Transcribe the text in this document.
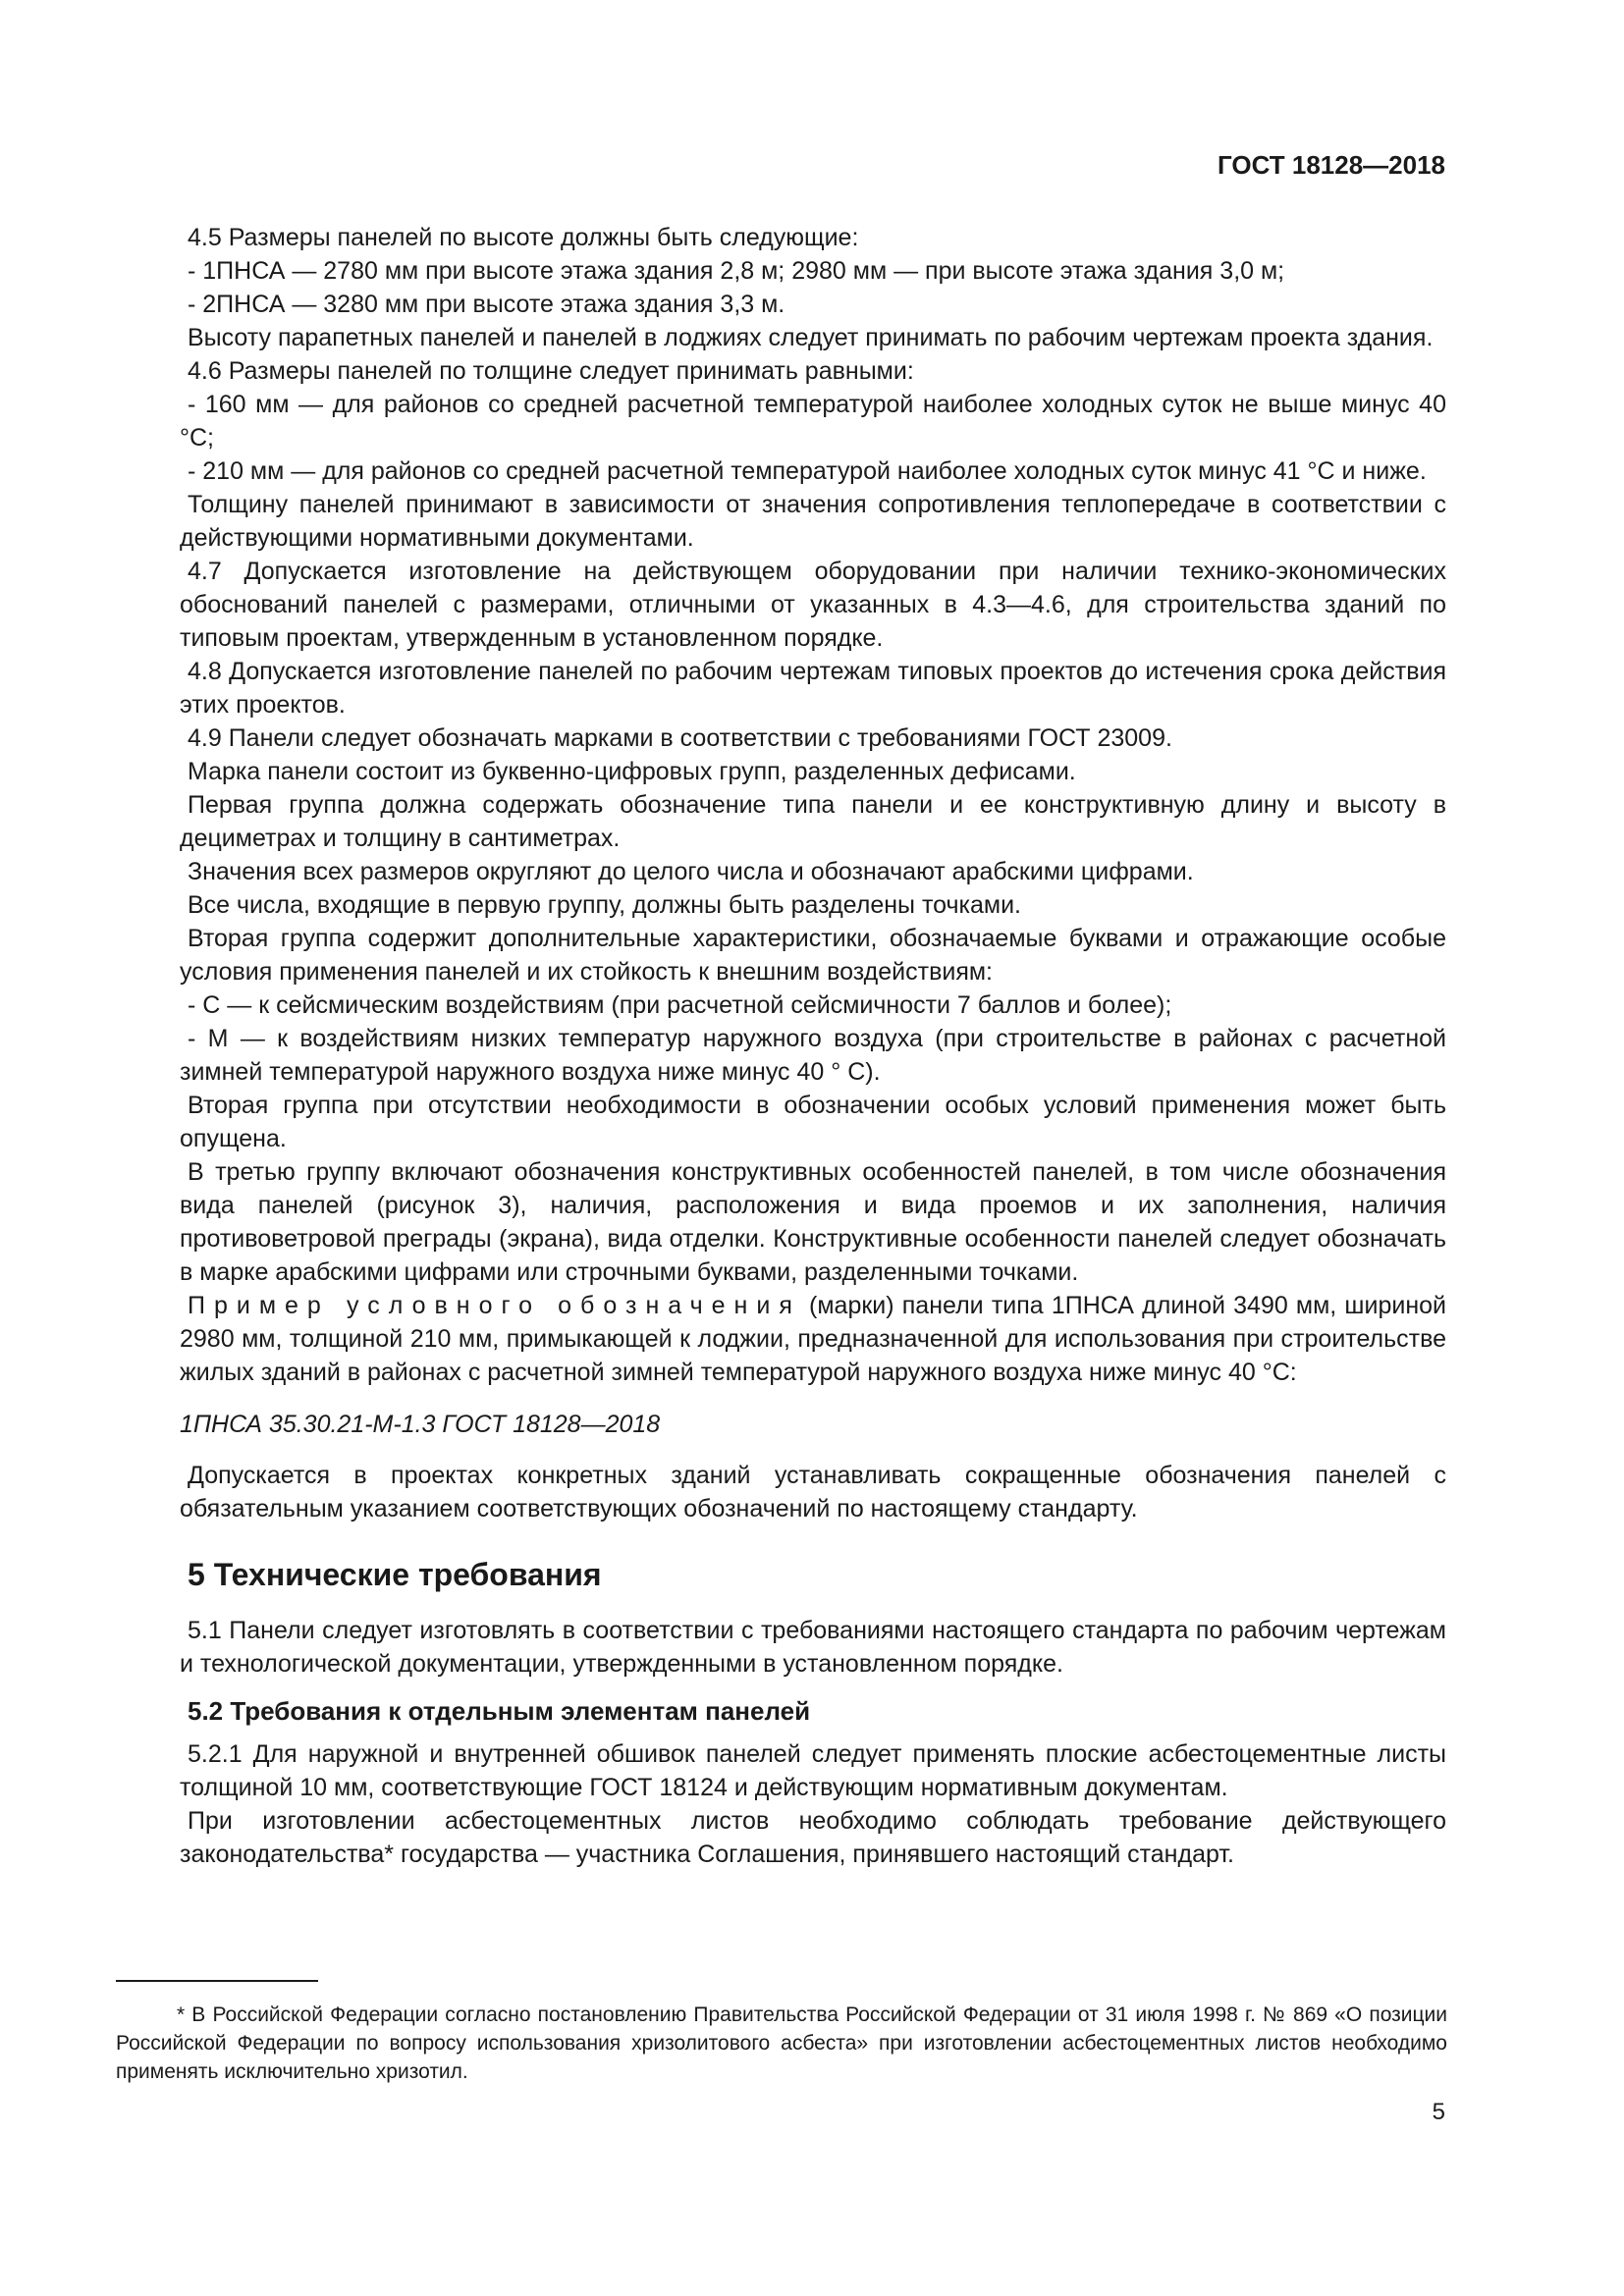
ГОСТ 18128—2018

4.5 Размеры панелей по высоте должны быть следующие:

- 1ПНСА — 2780 мм при высоте этажа здания 2,8 м; 2980 мм — при высоте этажа здания 3,0 м;

- 2ПНСА — 3280 мм при высоте этажа здания 3,3 м.

Высоту парапетных панелей и панелей в лоджиях следует принимать по рабочим чертежам проекта здания.

4.6 Размеры панелей по толщине следует принимать равными:

- 160 мм — для районов со средней расчетной температурой наиболее холодных суток не выше минус 40 °С;

- 210 мм — для районов со средней расчетной температурой наиболее холодных суток минус 41 °С и ниже.

Толщину панелей принимают в зависимости от значения сопротивления теплопередаче в соответствии с действующими нормативными документами.

4.7 Допускается изготовление на действующем оборудовании при наличии технико-экономических обоснований панелей с размерами, отличными от указанных в 4.3—4.6, для строительства зданий по типовым проектам, утвержденным в установленном порядке.

4.8 Допускается изготовление панелей по рабочим чертежам типовых проектов до истечения срока действия этих проектов.

4.9 Панели следует обозначать марками в соответствии с требованиями ГОСТ 23009.

Марка панели состоит из буквенно-цифровых групп, разделенных дефисами.

Первая группа должна содержать обозначение типа панели и ее конструктивную длину и высоту в дециметрах и толщину в сантиметрах.

Значения всех размеров округляют до целого числа и обозначают арабскими цифрами.

Все числа, входящие в первую группу, должны быть разделены точками.

Вторая группа содержит дополнительные характеристики, обозначаемые буквами и отражающие особые условия применения панелей и их стойкость к внешним воздействиям:

- С — к сейсмическим воздействиям (при расчетной сейсмичности 7 баллов и более);

- М — к воздействиям низких температур наружного воздуха (при строительстве в районах с расчетной зимней температурой наружного воздуха ниже минус 40 ° С).

Вторая группа при отсутствии необходимости в обозначении особых условий применения может быть опущена.

В третью группу включают обозначения конструктивных особенностей панелей, в том числе обозначения вида панелей (рисунок 3), наличия, расположения и вида проемов и их заполнения, наличия противоветровой преграды (экрана), вида отделки. Конструктивные особенности панелей следует обозначать в марке арабскими цифрами или строчными буквами, разделенными точками.

Пример условного обозначения (марки) панели типа 1ПНСА длиной 3490 мм, шириной 2980 мм, толщиной 210 мм, примыкающей к лоджии, предназначенной для использования при строительстве жилых зданий в районах с расчетной зимней температурой наружного воздуха ниже минус 40 °С:

1ПНСА 35.30.21-М-1.3 ГОСТ 18128—2018

Допускается в проектах конкретных зданий устанавливать сокращенные обозначения панелей с обязательным указанием соответствующих обозначений по настоящему стандарту.

5 Технические требования

5.1 Панели следует изготовлять в соответствии с требованиями настоящего стандарта по рабочим чертежам и технологической документации, утвержденными в установленном порядке.

5.2 Требования к отдельным элементам панелей

5.2.1 Для наружной и внутренней обшивок панелей следует применять плоские асбестоцементные листы толщиной 10 мм, соответствующие ГОСТ 18124 и действующим нормативным документам.

При изготовлении асбестоцементных листов необходимо соблюдать требование действующего законодательства* государства — участника Соглашения, принявшего настоящий стандарт.

* В Российской Федерации согласно постановлению Правительства Российской Федерации от 31 июля 1998 г. № 869 «О позиции Российской Федерации по вопросу использования хризолитового асбеста» при изготовлении асбестоцементных листов необходимо применять исключительно хризотил.

5
